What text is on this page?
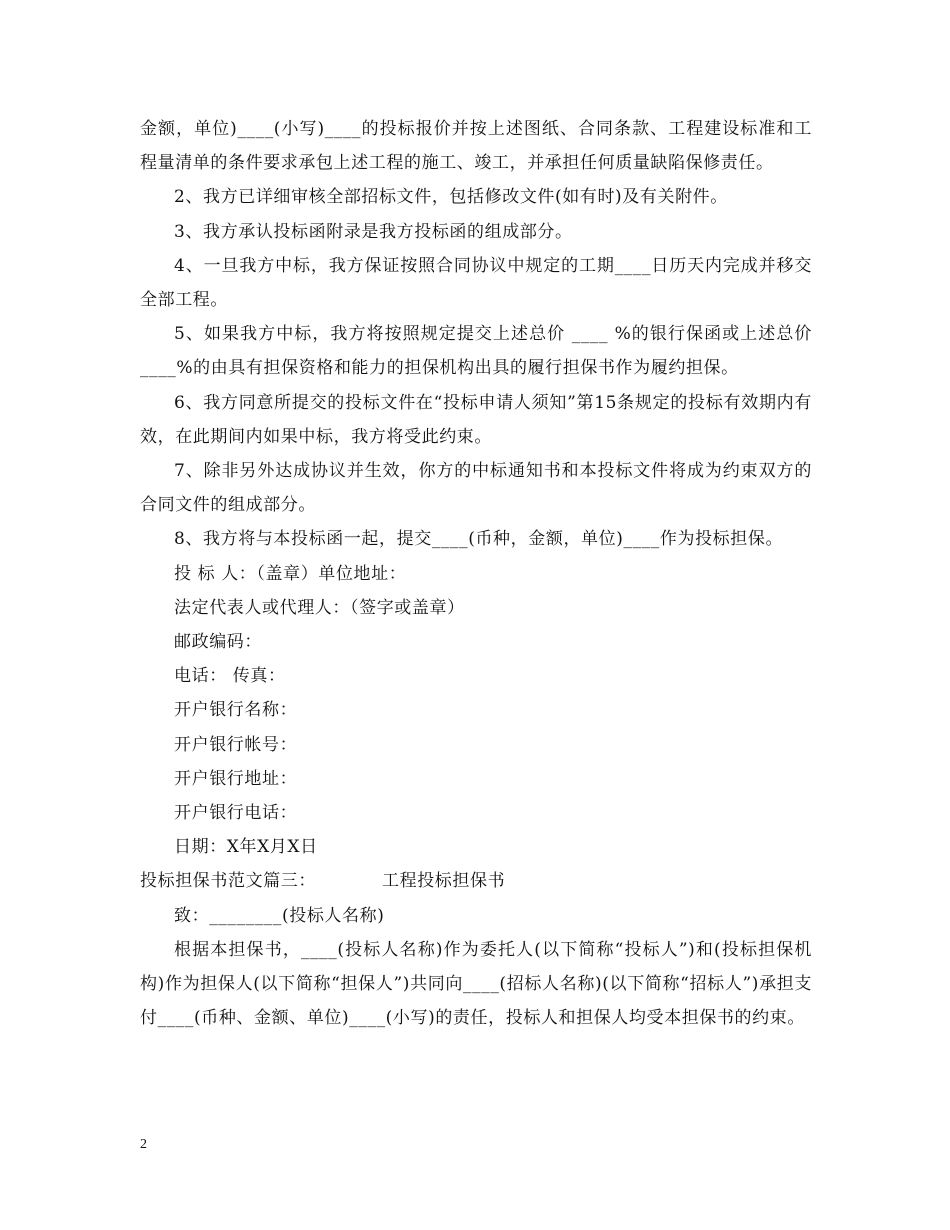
金额，单位)____(小写)____的投标报价并按上述图纸、合同条款、工程建设标准和工程量清单的条件要求承包上述工程的施工、竣工，并承担任何质量缺陷保修责任。

2、我方已详细审核全部招标文件，包括修改文件(如有时)及有关附件。

3、我方承认投标函附录是我方投标函的组成部分。

4、一旦我方中标，我方保证按照合同协议中规定的工期____日历天内完成并移交全部工程。

5、如果我方中标，我方将按照规定提交上述总价 ____ %的银行保函或上述总价____%的由具有担保资格和能力的担保机构出具的履行担保书作为履约担保。

6、我方同意所提交的投标文件在“投标申请人须知”第15条规定的投标有效期内有效，在此期间内如果中标，我方将受此约束。

7、除非另外达成协议并生效，你方的中标通知书和本投标文件将成为约束双方的合同文件的组成部分。

8、我方将与本投标函一起，提交____(币种，金额，单位)____作为投标担保。

投 标 人：（盖章）单位地址：

法定代表人或代理人：（签字或盖章）

邮政编码：

电话： 传真：

开户银行名称：

开户银行帐号：

开户银行地址：

开户银行电话：

日期：X年X月X日

投标担保书范文篇三：	工程投标担保书

致：________(投标人名称)

根据本担保书，____(投标人名称)作为委托人(以下简称“投标人”)和(投标担保机构)作为担保人(以下简称“担保人”)共同向____(招标人名称)(以下简称“招标人”)承担支付____(币种、金额、单位)____(小写)的责任，投标人和担保人均受本担保书的约束。

2
